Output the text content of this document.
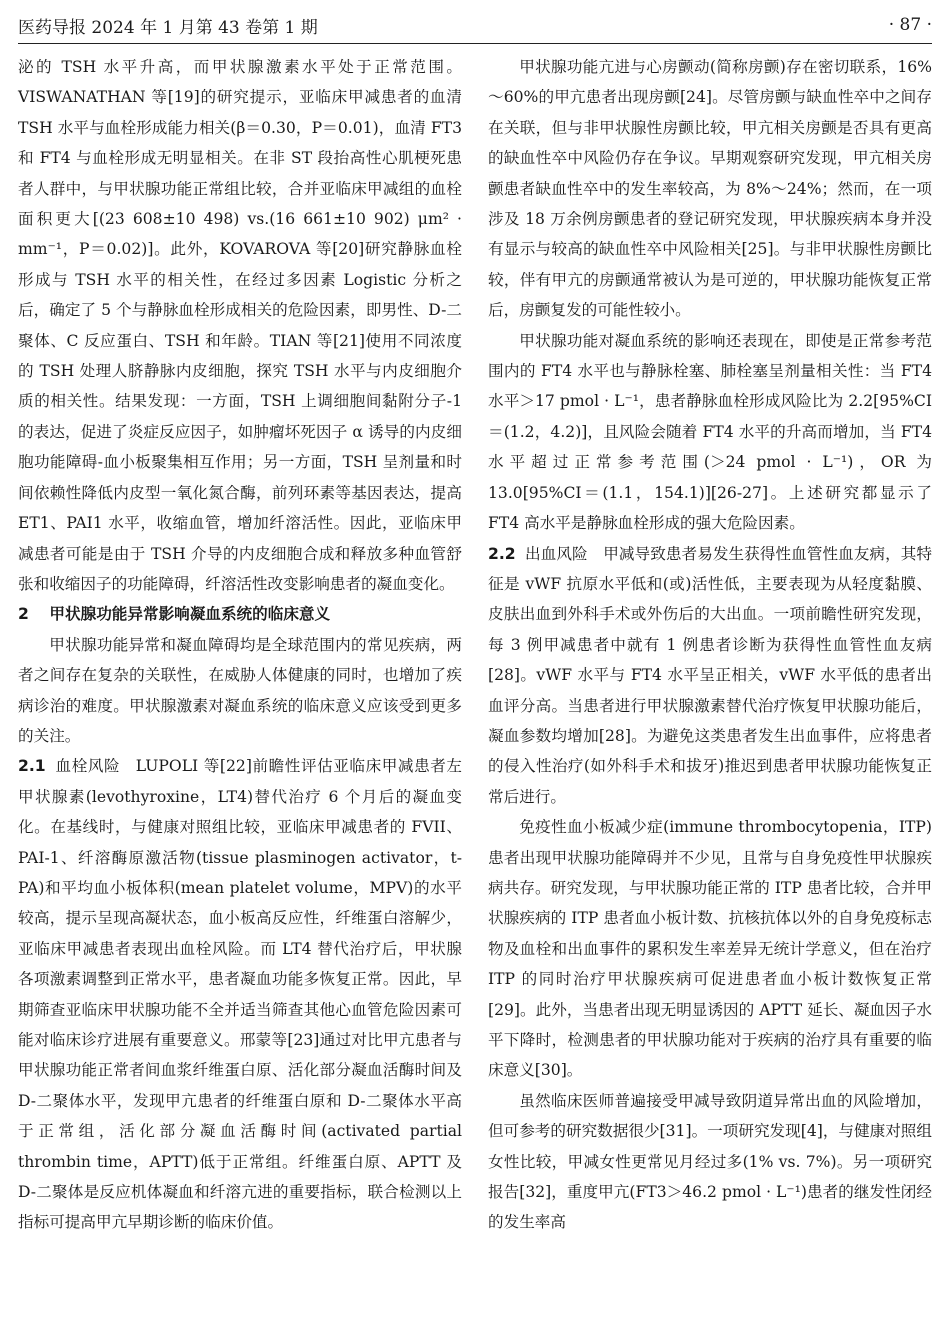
医药导报 2024 年 1 月第 43 卷第 1 期	· 87 ·

泌的 TSH 水平升高，而甲状腺激素水平处于正常范围。VISWANATHAN 等[19]的研究提示，亚临床甲减患者的血清 TSH 水平与血栓形成能力相关(β＝0.30，P＝0.01)，血清 FT3 和 FT4 与血栓形成无明显相关。在非 ST 段抬高性心肌梗死患者人群中，与甲状腺功能正常组比较，合并亚临床甲减组的血栓面积更大[(23 608±10 498) vs.(16 661±10 902) μm² · mm⁻¹，P＝0.02)]。此外，KOVAROVA 等[20]研究静脉血栓形成与 TSH 水平的相关性，在经过多因素 Logistic 分析之后，确定了 5 个与静脉血栓形成相关的危险因素，即男性、D-二聚体、C 反应蛋白、TSH 和年龄。TIAN 等[21]使用不同浓度的 TSH 处理人脐静脉内皮细胞，探究 TSH 水平与内皮细胞介质的相关性。结果发现：一方面，TSH 上调细胞间黏附分子-1 的表达，促进了炎症反应因子，如肿瘤坏死因子 α 诱导的内皮细胞功能障碍-血小板聚集相互作用；另一方面，TSH 呈剂量和时间依赖性降低内皮型一氧化氮合酶，前列环素等基因表达，提高 ET1、PAI1 水平，收缩血管，增加纤溶活性。因此，亚临床甲减患者可能是由于 TSH 介导的内皮细胞合成和释放多种血管舒张和收缩因子的功能障碍，纤溶活性改变影响患者的凝血变化。

2 甲状腺功能异常影响凝血系统的临床意义

甲状腺功能异常和凝血障碍均是全球范围内的常见疾病，两者之间存在复杂的关联性，在威胁人体健康的同时，也增加了疾病诊治的难度。甲状腺激素对凝血系统的临床意义应该受到更多的关注。

2.1 血栓风险 LUPOLI 等[22]前瞻性评估亚临床甲减患者左甲状腺素(levothyroxine，LT4)替代治疗 6 个月后的凝血变化。在基线时，与健康对照组比较，亚临床甲减患者的 FVII、PAI-1、纤溶酶原激活物(tissue plasminogen activator，t-PA)和平均血小板体积(mean platelet volume，MPV)的水平较高，提示呈现高凝状态，血小板高反应性，纤维蛋白溶解少，亚临床甲减患者表现出血栓风险。而 LT4 替代治疗后，甲状腺各项激素调整到正常水平，患者凝血功能多恢复正常。因此，早期筛查亚临床甲状腺功能不全并适当筛查其他心血管危险因素可能对临床诊疗进展有重要意义。邢蒙等[23]通过对比甲亢患者与甲状腺功能正常者间血浆纤维蛋白原、活化部分凝血活酶时间及 D-二聚体水平，发现甲亢患者的纤维蛋白原和 D-二聚体水平高于正常组，活化部分凝血活酶时间(activated partial thrombin time，APTT)低于正常组。纤维蛋白原、APTT 及 D-二聚体是反应机体凝血和纤溶亢进的重要指标，联合检测以上指标可提高甲亢早期诊断的临床价值。

甲状腺功能亢进与心房颤动(简称房颤)存在密切联系，16%～60%的甲亢患者出现房颤[24]。尽管房颤与缺血性卒中之间存在关联，但与非甲状腺性房颤比较，甲亢相关房颤是否具有更高的缺血性卒中风险仍存在争议。早期观察研究发现，甲亢相关房颤患者缺血性卒中的发生率较高，为 8%～24%；然而，在一项涉及 18 万余例房颤患者的登记研究发现，甲状腺疾病本身并没有显示与较高的缺血性卒中风险相关[25]。与非甲状腺性房颤比较，伴有甲亢的房颤通常被认为是可逆的，甲状腺功能恢复正常后，房颤复发的可能性较小。

甲状腺功能对凝血系统的影响还表现在，即使是正常参考范围内的 FT4 水平也与静脉栓塞、肺栓塞呈剂量相关性：当 FT4 水平＞17 pmol · L⁻¹，患者静脉血栓形成风险比为 2.2[95%CI＝(1.2，4.2)]，且风险会随着 FT4 水平的升高而增加，当 FT4 水平超过正常参考范围(＞24 pmol · L⁻¹)，OR 为 13.0[95%CI＝(1.1，154.1)][26-27]。上述研究都显示了 FT4 高水平是静脉血栓形成的强大危险因素。

2.2 出血风险 甲减导致患者易发生获得性血管性血友病，其特征是 vWF 抗原水平低和(或)活性低，主要表现为从轻度黏膜、皮肤出血到外科手术或外伤后的大出血。一项前瞻性研究发现，每 3 例甲减患者中就有 1 例患者诊断为获得性血管性血友病[28]。vWF 水平与 FT4 水平呈正相关，vWF 水平低的患者出血评分高。当患者进行甲状腺激素替代治疗恢复甲状腺功能后，凝血参数均增加[28]。为避免这类患者发生出血事件，应将患者的侵入性治疗(如外科手术和拔牙)推迟到患者甲状腺功能恢复正常后进行。

免疫性血小板减少症(immune thrombocytopenia，ITP)患者出现甲状腺功能障碍并不少见，且常与自身免疫性甲状腺疾病共存。研究发现，与甲状腺功能正常的 ITP 患者比较，合并甲状腺疾病的 ITP 患者血小板计数、抗核抗体以外的自身免疫标志物及血栓和出血事件的累积发生率差异无统计学意义，但在治疗 ITP 的同时治疗甲状腺疾病可促进患者血小板计数恢复正常[29]。此外，当患者出现无明显诱因的 APTT 延长、凝血因子水平下降时，检测患者的甲状腺功能对于疾病的治疗具有重要的临床意义[30]。

虽然临床医师普遍接受甲减导致阴道异常出血的风险增加，但可参考的研究数据很少[31]。一项研究发现[4]，与健康对照组女性比较，甲减女性更常见月经过多(1% vs. 7%)。另一项研究报告[32]，重度甲亢(FT3＞46.2 pmol · L⁻¹)患者的继发性闭经的发生率高
